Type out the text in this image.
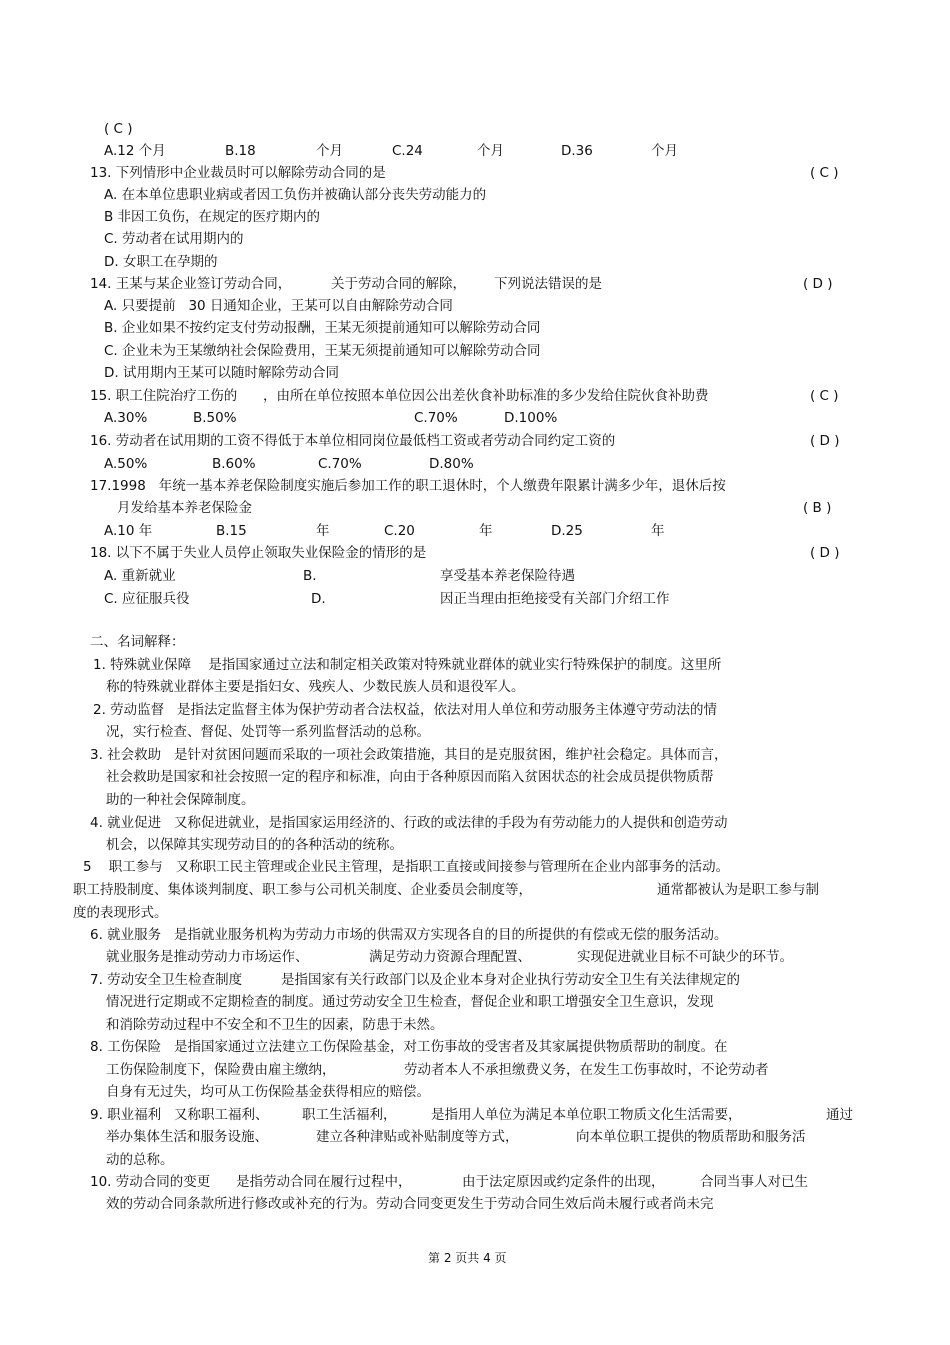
( C )
A.12 个月	B.18	个月	C.24	个月	D.36	个月
13. 下列情形中企业裁员时可以解除劳动合同的是	( C )
A. 在本单位患职业病或者因工负伤并被确认部分丧失劳动能力的
B 非因工负伤，在规定的医疗期内的
C. 劳动者在试用期内的
D. 女职工在孕期的
14. 王某与某企业签订劳动合同，	关于劳动合同的解除， 下列说法错误的是	( D )
A. 只要提前   30 日通知企业，王某可以自由解除劳动合同
B. 企业如果不按约定支付劳动报酬，王某无须提前通知可以解除劳动合同
C. 企业未为王某缴纳社会保险费用，王某无须提前通知可以解除劳动合同
D. 试用期内王某可以随时解除劳动合同
15. 职工住院治疗工伤的 ，由所在单位按照本单位因公出差伙食补助标准的多少发给住院伙食补助费	( C )
A.30%	B.50%	C.70%	D.100%
16. 劳动者在试用期的工资不得低于本单位相同岗位最低档工资或者劳动合同约定工资的	( D )
A.50%	B.60%	C.70%	D.80%
17.1998   年统一基本养老保险制度实施后参加工作的职工退休时，个人缴费年限累计满多少年，退休后按
月发给基本养老保险金	( B )
A.10 年	B.15	年	C.20	年	D.25	年
18. 以下不属于失业人员停止领取失业保险金的情形的是	( D )
A. 重新就业	B.	享受基本养老保险待遇
C. 应征服兵役	D.	因正当理由拒绝接受有关部门介绍工作
二、名词解释：
1. 特殊就业保障    是指国家通过立法和制定相关政策对特殊就业群体的就业实行特殊保护的制度。这里所
称的特殊就业群体主要是指妇女、残疾人、少数民族人员和退役军人。
2. 劳动监督   是指法定监督主体为保护劳动者合法权益，依法对用人单位和劳动服务主体遵守劳动法的情
况，实行检查、督促、处罚等一系列监督活动的总称。
3. 社会救助   是针对贫困问题而采取的一项社会政策措施，其目的是克服贫困，维护社会稳定。具体而言，
社会救助是国家和社会按照一定的程序和标准，向由于各种原因而陷入贫困状态的社会成员提供物质帮
助的一种社会保障制度。
4. 就业促进   又称促进就业，是指国家运用经济的、行政的或法律的手段为有劳动能力的人提供和创造劳动
机会，以保障其实现劳动目的的各种活动的统称。
5    职工参与   又称职工民主管理或企业民主管理，是指职工直接或间接参与管理所在企业内部事务的活动。
职工持股制度、集体谈判制度、职工参与公司机关制度、企业委员会制度等，	通常都被认为是职工参与制
度的表现形式。
6. 就业服务   是指就业服务机构为劳动力市场的供需双方实现各自的目的所提供的有偿或无偿的服务活动。
就业服务是推动劳动力市场运作、	满足劳动力资源合理配置、	实现促进就业目标不可缺少的环节。
7. 劳动安全卫生检查制度	是指国家有关行政部门以及企业本身对企业执行劳动安全卫生有关法律规定的
情况进行定期或不定期检查的制度。通过劳动安全卫生检查，督促企业和职工增强安全卫生意识，发现
和消除劳动过程中不安全和不卫生的因素，防患于未然。
8. 工伤保险   是指国家通过立法建立工伤保险基金，对工伤事故的受害者及其家属提供物质帮助的制度。在
工伤保险制度下，保险费由雇主缴纳，	劳动者本人不承担缴费义务，在发生工伤事故时，不论劳动者
自身有无过失，均可从工伤保险基金获得相应的赔偿。
9. 职业福利   又称职工福利、 职工生活福利，	是指用人单位为满足本单位职工物质文化生活需要，	通过
举办集体生活和服务设施、	建立各种津贴或补贴制度等方式，	向本单位职工提供的物质帮助和服务活
动的总称。
10. 劳动合同的变更 是指劳动合同在履行过程中，	由于法定原因或约定条件的出现，	合同当事人对已生
效的劳动合同条款所进行修改或补充的行为。劳动合同变更发生于劳动合同生效后尚未履行或者尚未完
第 2 页共 4 页
